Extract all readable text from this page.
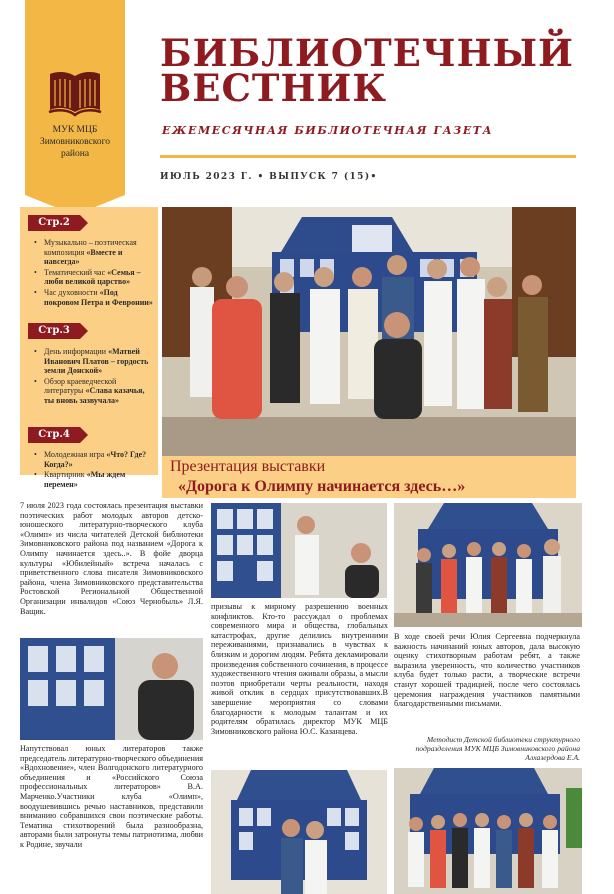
МУК МЦБ
Зимовниковского
района
БИБЛИОТЕЧНЫЙ
ВЕСТНИК
ЕЖЕМЕСЯЧНАЯ БИБЛИОТЕЧНАЯ ГАЗЕТА
ИЮЛЬ 2023 Г. • ВЫПУСК 7 (15)•
Стр.2
• Музыкально – поэтическая композиция «Вместе и навсегда»
• Тематический час «Семья – люби великой царство»
• Час духовности «Под покровом Петра и Февронии»
Стр.3
• День информации «Матвей Иванович Платов – гордость земли Донской»
• Обзор краеведческой литературы «Слава казачья, ты вновь зазвучала»
Стр.4
• Молодежная игра «Что? Где? Когда?»
• Квартирник «Мы ждем перемен»
Презентация выставки
«Дорога к Олимпу начинается здесь…»
7 июля 2023 года состоялась презентация выставки поэтических работ молодых авторов детско-юношеского литературно-творческого клуба «Олимп» из числа читателей Детской библиотеки Зимовниковского района под названием «Дорога к Олимпу начинается здесь..». В фойе дворца культуры «Юбилейный» встреча началась с приветственного слова писателя Зимовниковского района, члена Зимовниковского представительства Ростовской Региональной Общественной Организации инвалидов «Союз Чернобыль» Л.Я. Ващик.
Напутствовал юных литераторов также председатель литературно-творческого объединения «Вдохновение», член Волгодонского литературного объединения и «Российского Союза профессиональных литераторов» В.А. Марченко.Участники клуба «Олимп», воодушевившись речью наставников, представили вниманию собравшихся свои поэтические работы. Тематика стихотворений была разнообразна, авторами были затронуты темы патриотизма, любви к Родине, звучали
призывы к мирному разрешению военных конфликтов. Кто-то рассуждал о проблемах современного мира и общества, глобальных катастрофах, другие делились внутренними переживаниями, признавались в чувствах к близким и дорогим людям. Ребята декламировали произведения собственного сочинения, в процессе художественного чтения оживали образы, а мысли поэтов приобретали черты реальности, находя живой отклик в сердцах присутствовавших.В завершение мероприятия со словами благодарности к молодым талантам и их родителям обратилась директор МУК МЦБ Зимовниковского района Ю.С. Казанцева.
В ходе своей речи Юлия Сергеевна подчеркнула важность начинаний юных авторов, дала высокую оценку стихотворным работам ребят, а также выразила уверенность, что количество участников клуба будет только расти, а творческие встречи станут хорошей традицией, после чего состоялась церемония награждения участников памятными благодарственными письмами.
Методист Детской библиотеки структурного подразделения МУК МЦБ Зимовниковского района Алхазердова Е.А.
